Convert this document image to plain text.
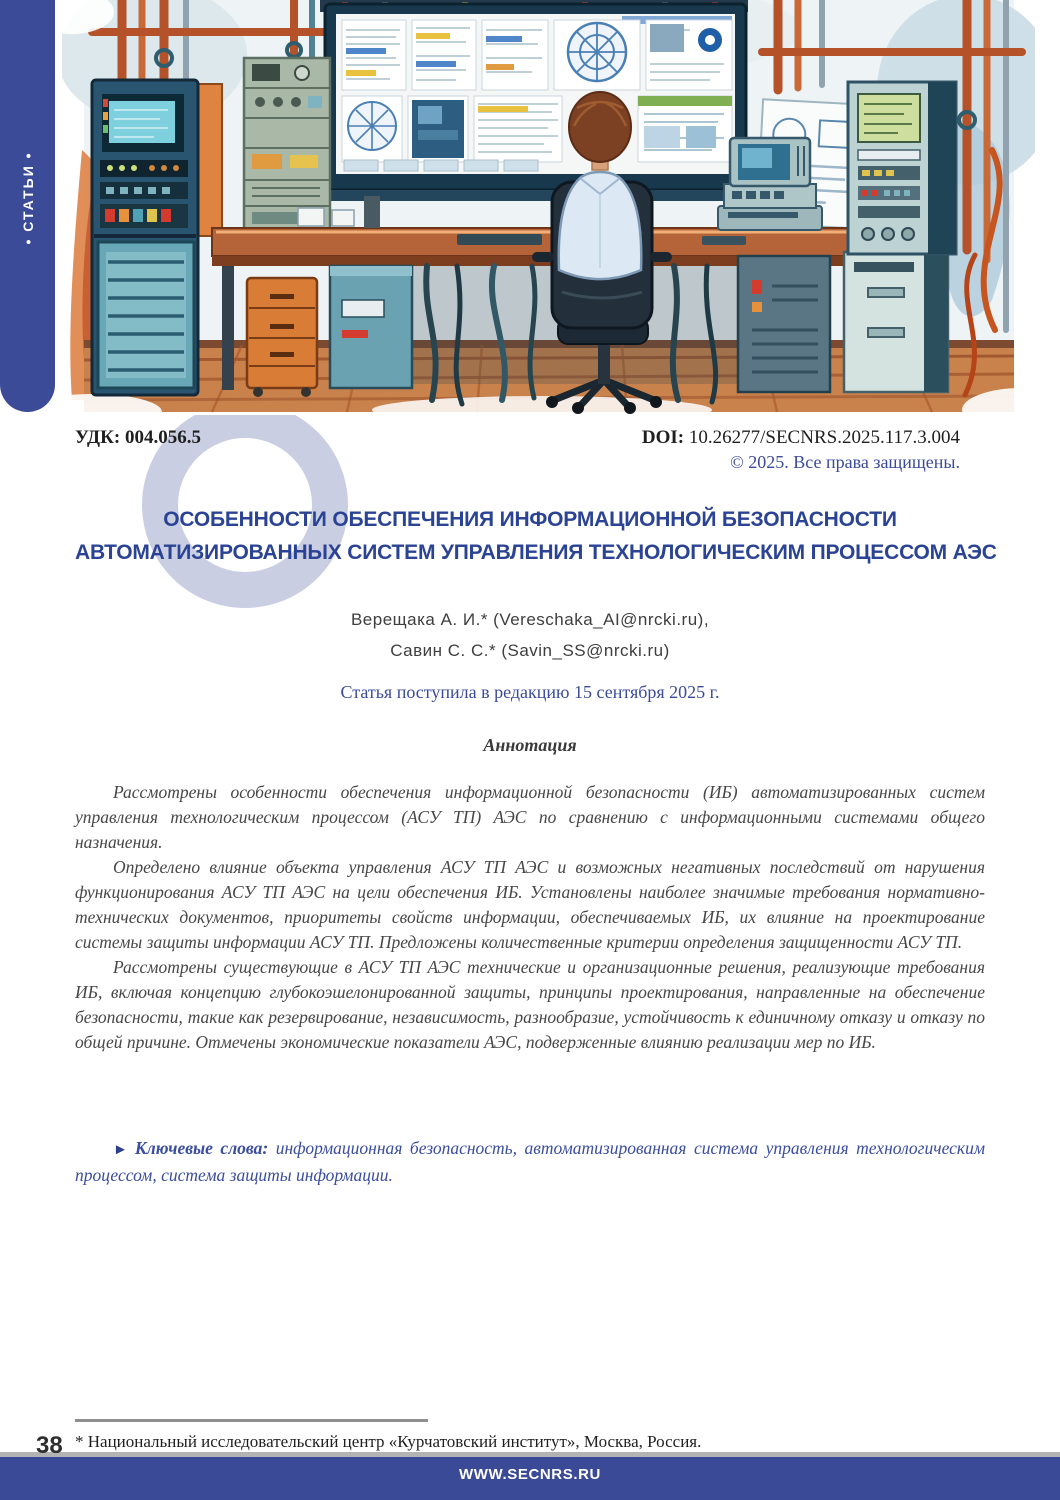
• СТАТЬИ •
УДК: 004.056.5	DOI: 10.26277/SECNRS.2025.117.3.004
© 2025. Все права защищены.
ОСОБЕННОСТИ ОБЕСПЕЧЕНИЯ ИНФОРМАЦИОННОЙ БЕЗОПАСНОСТИ
АВТОМАТИЗИРОВАННЫХ СИСТЕМ УПРАВЛЕНИЯ ТЕХНОЛОГИЧЕСКИМ ПРОЦЕССОМ АЭС
Верещака А. И.* (Vereschaka_AI@nrcki.ru),
Савин С. С.* (Savin_SS@nrcki.ru)
Статья поступила в редакцию 15 сентября 2025 г.
Аннотация

Рассмотрены особенности обеспечения информационной безопасности (ИБ) автоматизированных систем управления технологическим процессом (АСУ ТП) АЭС по сравнению с информационными системами общего назначения.

Определено влияние объекта управления АСУ ТП АЭС и возможных негативных последствий от нарушения функционирования АСУ ТП АЭС на цели обеспечения ИБ. Установлены наиболее значимые требования нормативно-технических документов, приоритеты свойств информации, обеспечиваемых ИБ, их влияние на проектирование системы защиты информации АСУ ТП. Предложены количественные критерии определения защищенности АСУ ТП.

Рассмотрены существующие в АСУ ТП АЭС технические и организационные решения, реализующие требования ИБ, включая концепцию глубокоэшелонированной защиты, принципы проектирования, направленные на обеспечение безопасности, такие как резервирование, независимость, разнообразие, устойчивость к единичному отказу и отказу по общей причине. Отмечены экономические показатели АЭС, подверженные влиянию реализации мер по ИБ.

► Ключевые слова: информационная безопасность, автоматизированная система управления технологическим процессом, система защиты информации.
* Национальный исследовательский центр «Курчатовский институт», Москва, Россия.
38
WWW.SECNRS.RU
